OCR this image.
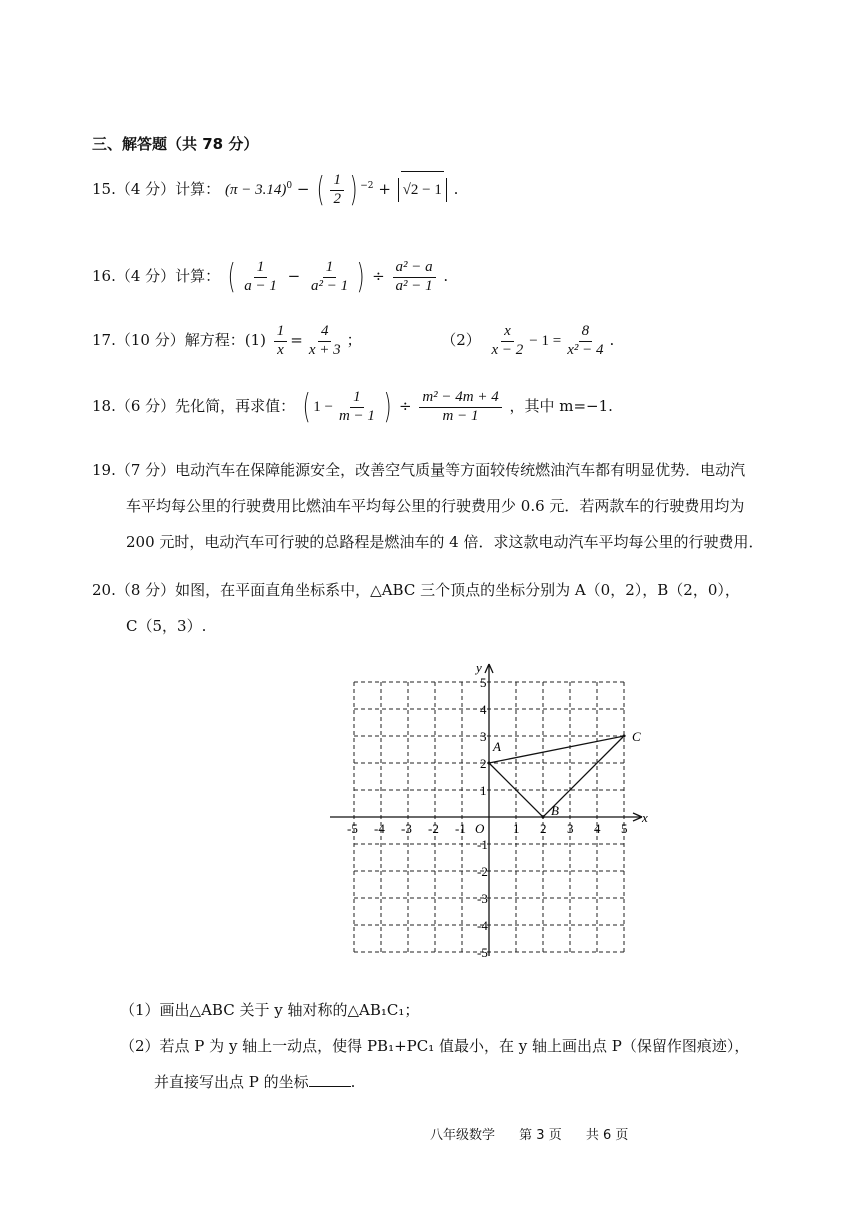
三、解答题（共 78 分）
15.（4 分）计算： $(\pi - 3.14)^0$ − ( $\frac{1}{2}$ ) $^{-2}$ + √2 − 1 .
16.（4 分）计算： ( $\frac{1}{a - 1} - \frac{1}{\text{a² − 1}}$ ) ÷ $\frac{\text{a² − a}}{\text{a² − 1}}$ .
17.（10 分）解方程：$(1) \frac{1}{x} = \frac{4}{x + 3}$ ；	$(2) \frac{x}{x - 2} - 1 = \frac{8}{\text{x² − 4}}$ .
18.（6 分）先化简，再求值： ( $1 - \frac{1}{m - 1}$ ) ÷ $\frac{\text{m² − 4m + 4}}{m - 1}$ ，其中 m=−1.
19.（7 分）电动汽车在保障能源安全，改善空气质量等方面较传统燃油汽车都有明显优势．电动汽
车平均每公里的行驶费用比燃油车平均每公里的行驶费用少 0.6 元．若两款车的行驶费用均为
200 元时，电动汽车可行驶的总路程是燃油车的 4 倍．求这款电动汽车平均每公里的行驶费用．
20.（8 分）如图，在平面直角坐标系中，△ABC 三个顶点的坐标分别为 A（0，2），B（2，0），
C（5，3）.
x
y
O
-5 -4 -3 -2 -1	1 2 3 4 5
5
4
3
2
1
-1
-2
-3
-4
-5
A
B
C
（1）画出△ABC 关于 y 轴对称的△AB₁C₁；
（2）若点 P 为 y 轴上一动点，使得 PB₁+PC₁ 值最小，在 y 轴上画出点 P（保留作图痕迹），
并直接写出点 P 的坐标	.
八年级数学 第 3 页 共 6 页
